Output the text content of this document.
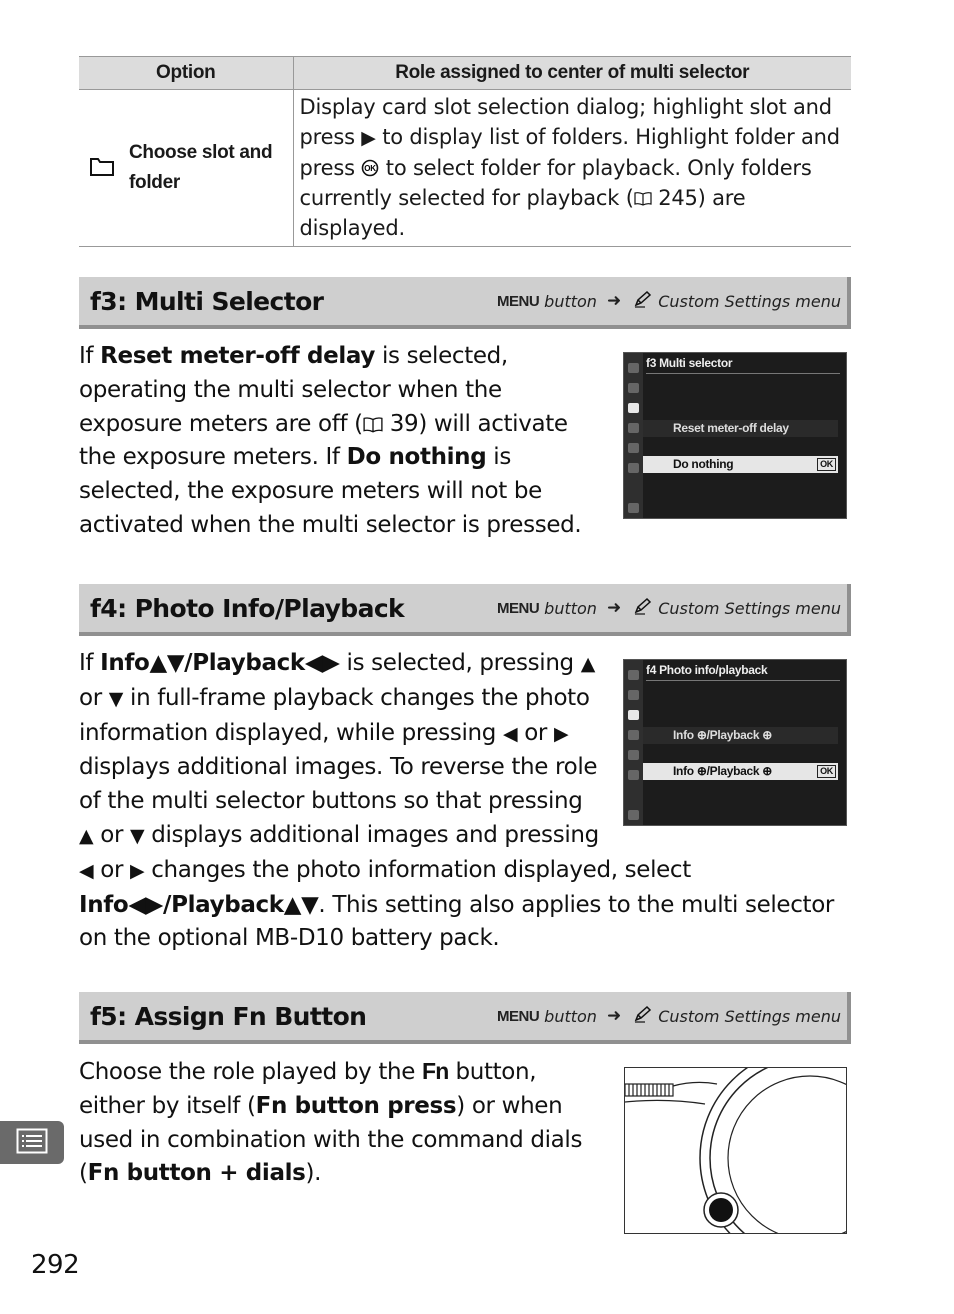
Option	Role assigned to center of multi selector

Choose slot and folder	Display card slot selection dialog; highlight slot and press ▶ to display list of folders. Highlight folder and press OK to select folder for playback. Only folders currently selected for playback ( 245) are displayed.
f3: Multi Selector	MENU button ➜ Custom Settings menu
If Reset meter-off delay is selected, operating the multi selector when the exposure meters are off ( 39) will activate the exposure meters. If Do nothing is selected, the exposure meters will not be activated when the multi selector is pressed.
f3 Multi selector
Reset meter-off delay
Do nothing	OK
f4: Photo Info/Playback	MENU button ➜ Custom Settings menu
If Info▲▼/Playback◀▶ is selected, pressing ▲ or ▼ in full-frame playback changes the photo information displayed, while pressing ◀ or ▶ displays additional images. To reverse the role of the multi selector buttons so that pressing ▲ or ▼ displays additional images and pressing ◀ or ▶ changes the photo information displayed, select Info◀▶/Playback▲▼. This setting also applies to the multi selector on the optional MB-D10 battery pack.
f4 Photo info/playback
Info ⊕/Playback ⊕
Info ⊕/Playback ⊕	OK
f5: Assign Fn Button	MENU button ➜ Custom Settings menu
Choose the role played by the Fn button, either by itself (Fn button press) or when used in combination with the command dials (Fn button + dials).
292
